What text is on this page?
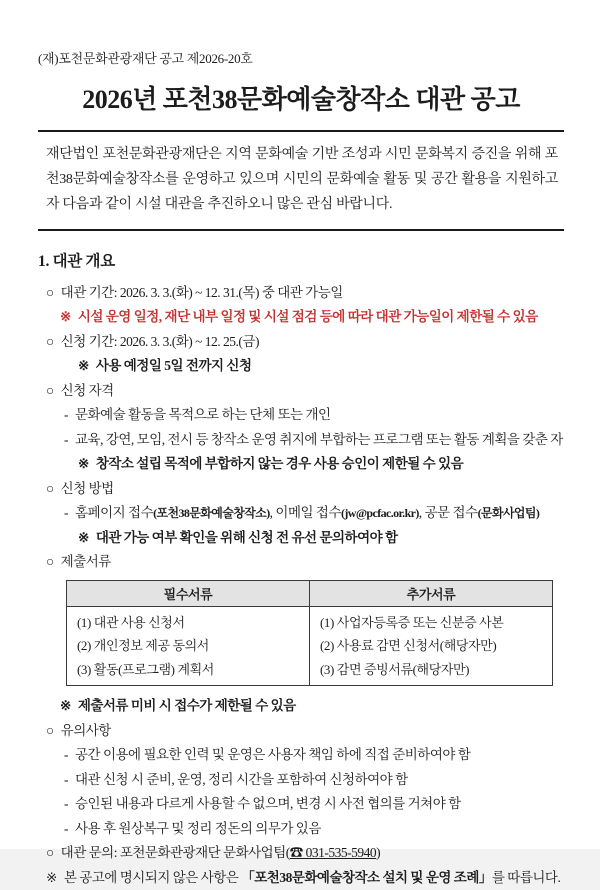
(재)포천문화관광재단 공고 제2026-20호
2026년 포천38문화예술창작소 대관 공고

재단법인 포천문화관광재단은 지역 문화예술 기반 조성과 시민 문화복지 증진을 위해 포천38문화예술창작소를 운영하고 있으며 시민의 문화예술 활동 및 공간 활용을 지원하고자 다음과 같이 시설 대관을 추진하오니 많은 관심 바랍니다.

1. 대관 개요
○ 대관 기간: 2026. 3. 3.(화) ~ 12. 31.(목) 중 대관 가능일
※ 시설 운영 일정, 재단 내부 일정 및 시설 점검 등에 따라 대관 가능일이 제한될 수 있음
○ 신청 기간: 2026. 3. 3.(화) ~ 12. 25.(금)
※ 사용 예정일 5일 전까지 신청
○ 신청 자격
- 문화예술 활동을 목적으로 하는 단체 또는 개인
- 교육, 강연, 모임, 전시 등 창작소 운영 취지에 부합하는 프로그램 또는 활동 계획을 갖춘 자
※ 창작소 설립 목적에 부합하지 않는 경우 사용 승인이 제한될 수 있음
○ 신청 방법
- 홈페이지 접수(포천38문화예술창작소), 이메일 접수(jw@pcfac.or.kr), 공문 접수(문화사업팀)
※ 대관 가능 여부 확인을 위해 신청 전 유선 문의하여야 함
○ 제출서류
필수서류	추가서류

(1) 대관 사용 신청서
(2) 개인정보 제공 동의서
(3) 활동(프로그램) 계획서

(1) 사업자등록증 또는 신분증 사본
(2) 사용료 감면 신청서(해당자만)
(3) 감면 증빙서류(해당자만)
※ 제출서류 미비 시 접수가 제한될 수 있음
○ 유의사항
- 공간 이용에 필요한 인력 및 운영은 사용자 책임 하에 직접 준비하여야 함
- 대관 신청 시 준비, 운영, 정리 시간을 포함하여 신청하여야 함
- 승인된 내용과 다르게 사용할 수 없으며, 변경 시 사전 협의를 거쳐야 함
- 사용 후 원상복구 및 정리 정돈의 의무가 있음
○ 대관 문의: 포천문화관광재단 문화사업팀(☎ 031-535-5940)
※ 본 공고에 명시되지 않은 사항은 「포천38문화예술창작소 설치 및 운영 조례」를 따릅니다.
